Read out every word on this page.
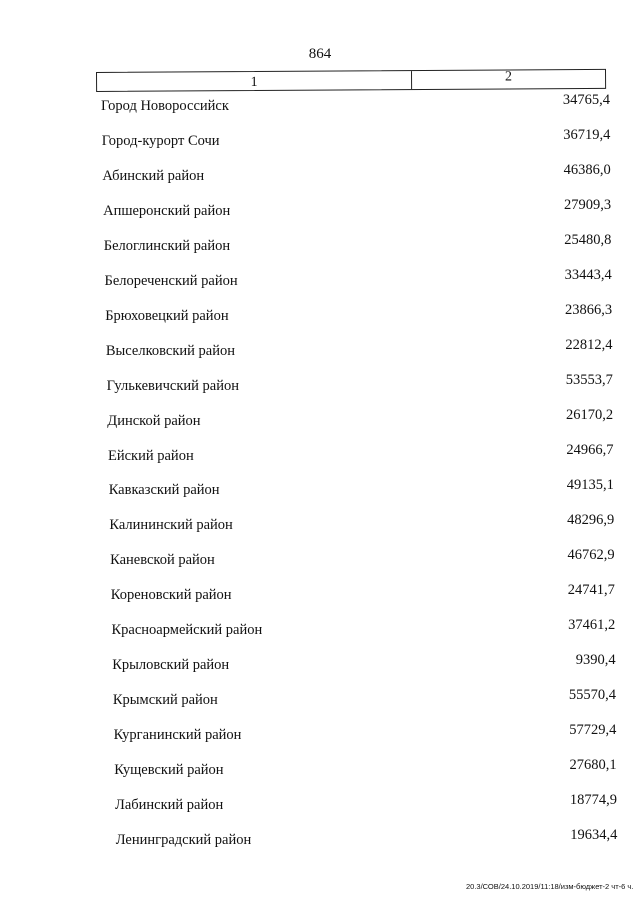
864
1	2
Город Новороссийск	34765,4
Город-курорт Сочи	36719,4
Абинский район	46386,0
Апшеронский район	27909,3
Белоглинский район	25480,8
Белореченский район	33443,4
Брюховецкий район	23866,3
Выселковский район	22812,4
Гулькевичский район	53553,7
Динской район	26170,2
Ейский район	24966,7
Кавказский район	49135,1
Калининский район	48296,9
Каневской район	46762,9
Кореновский район	24741,7
Красноармейский район	37461,2
Крыловский район	9390,4
Крымский район	55570,4
Курганинский район	57729,4
Кущевский район	27680,1
Лабинский район	18774,9
Ленинградский район	19634,4
20.3/СОВ/24.10.2019/11:18/изм-бюджет-2 чт-6 ч.
